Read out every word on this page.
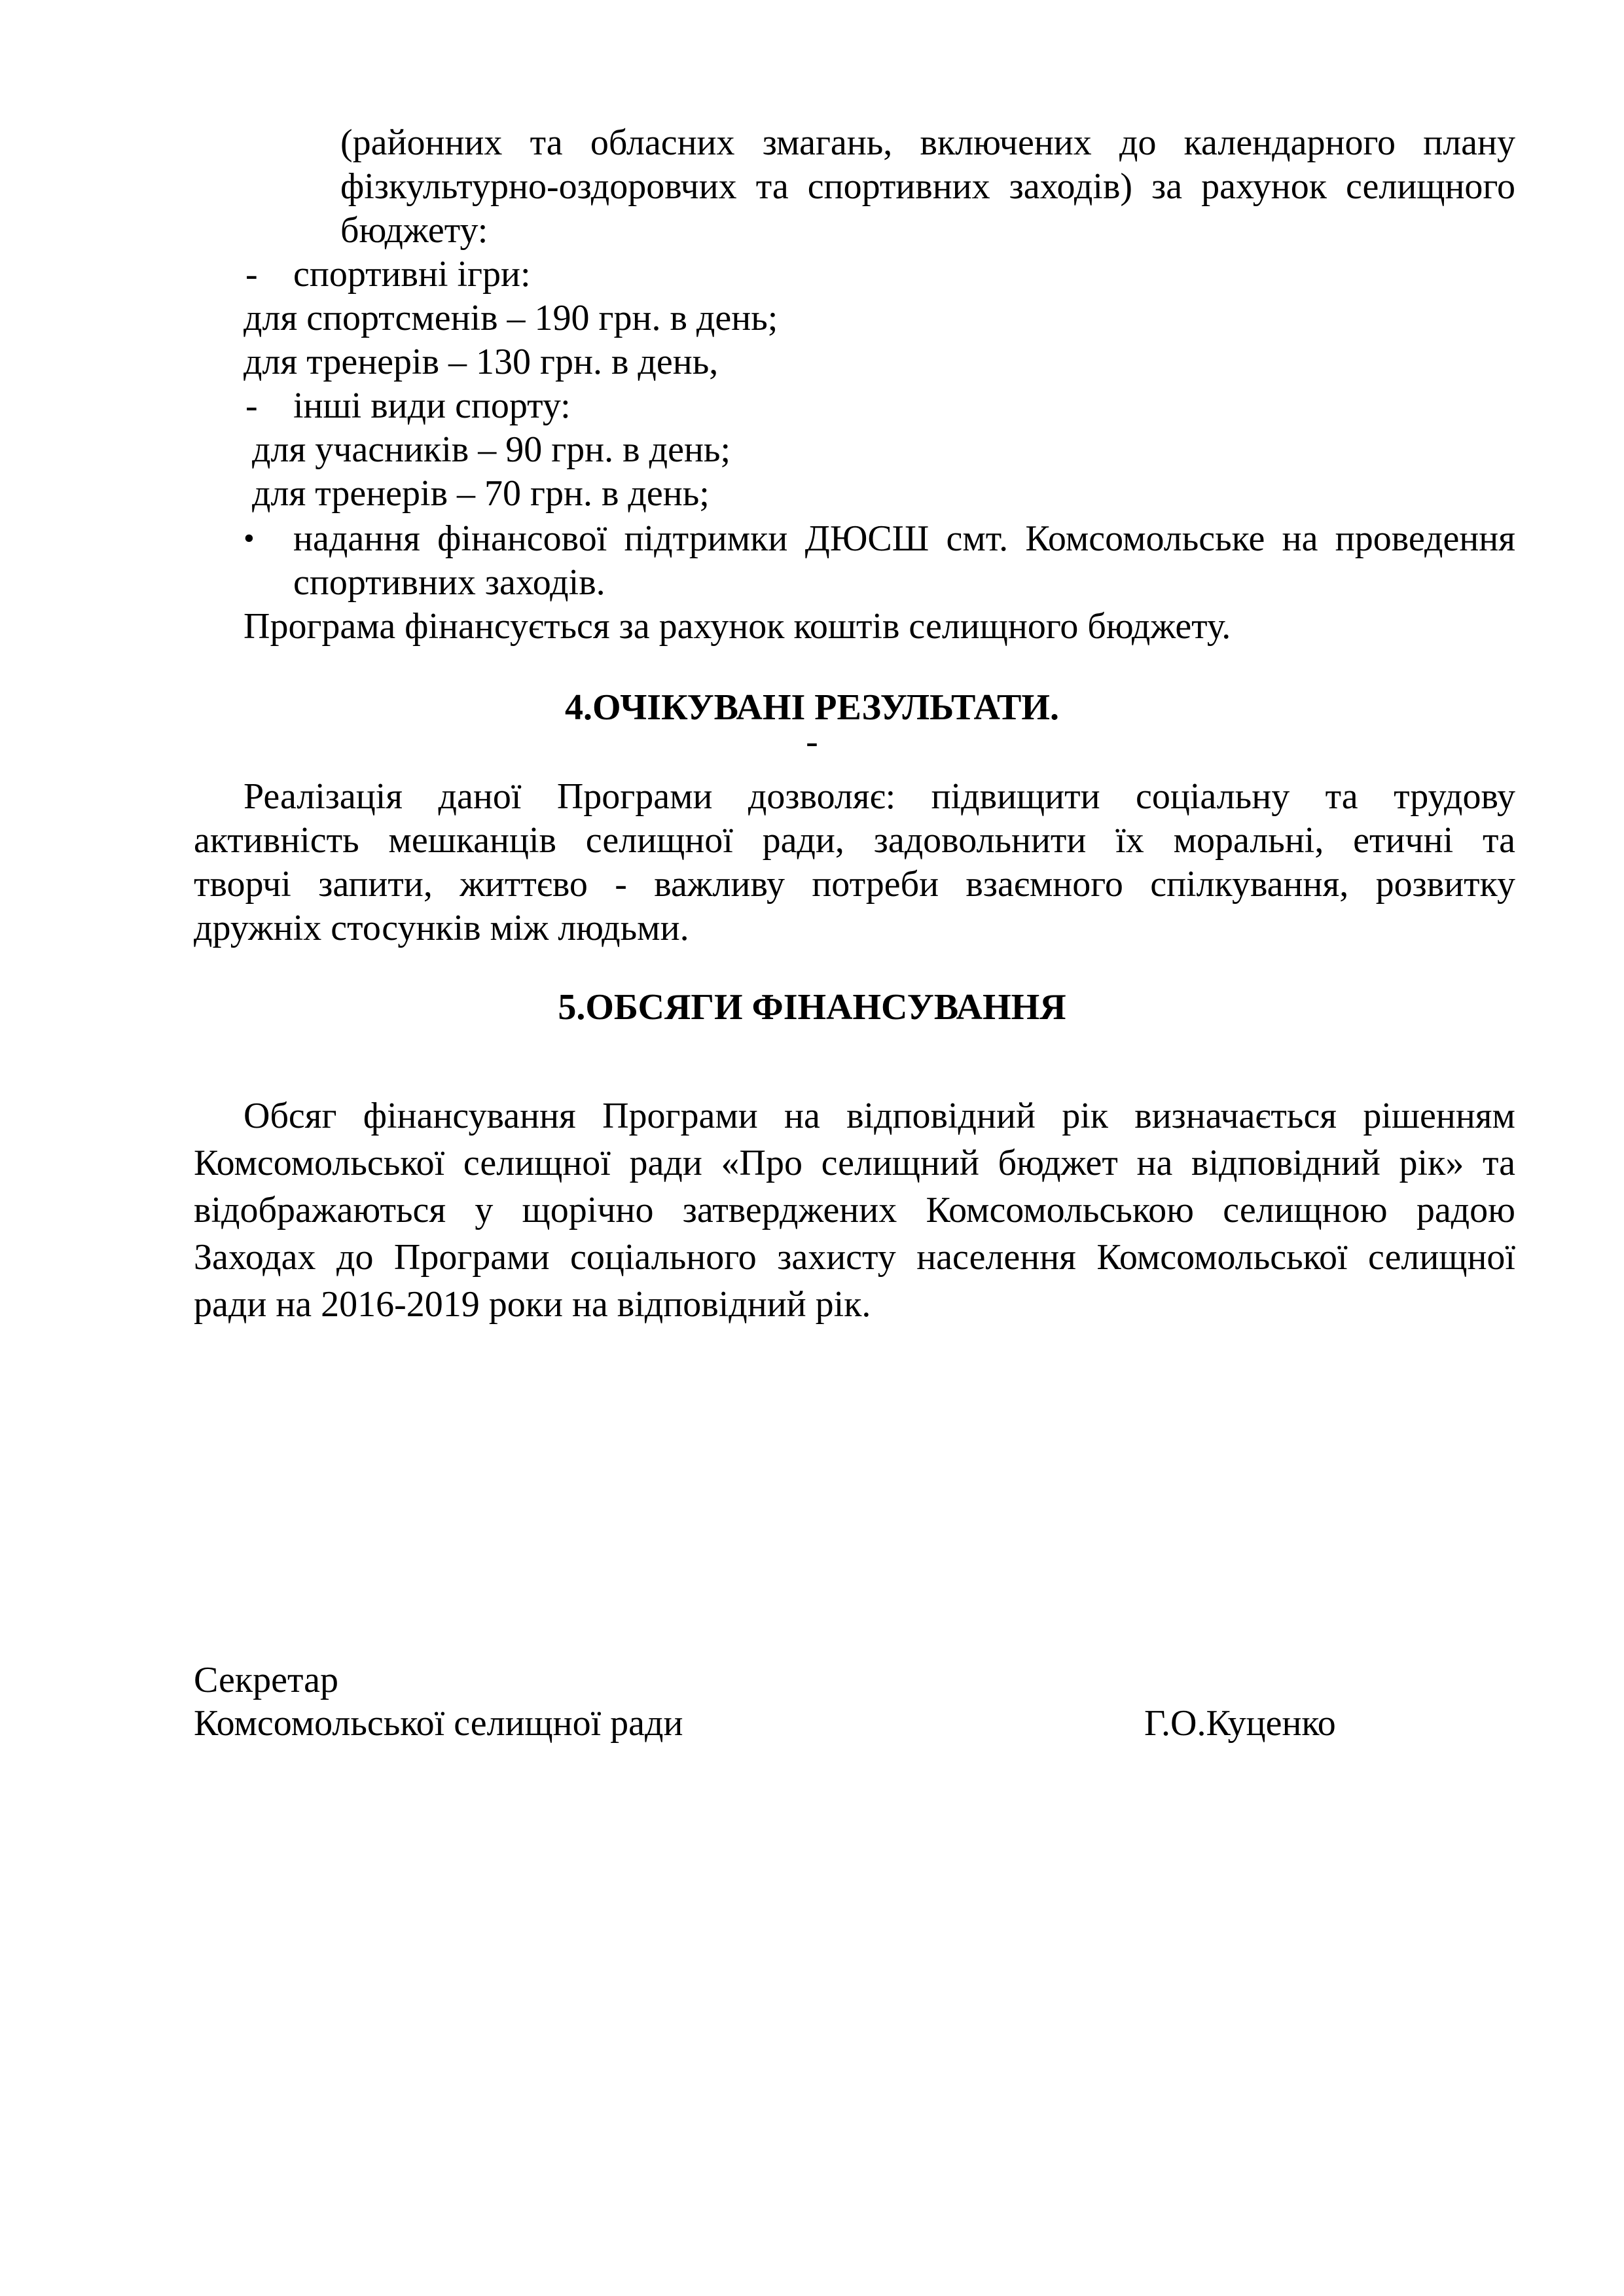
(районних та обласних змагань, включених до календарного плану
фізкультурно-оздоровчих та спортивних заходів) за рахунок селищного
бюджету:
- спортивні ігри:
для спортсменів – 190 грн. в день;
для тренерів – 130 грн. в день,
- інші види спорту:
для учасників – 90 грн. в день;
для тренерів – 70 грн. в день;
• надання фінансової підтримки ДЮСШ смт. Комсомольське на проведення
спортивних заходів.
Програма фінансується за рахунок коштів селищного бюджету.
4.ОЧІКУВАНІ РЕЗУЛЬТАТИ.
-
Реалізація даної Програми дозволяє: підвищити соціальну та трудову
активність мешканців селищної ради, задовольнити їх моральні, етичні та
творчі запити, життєво - важливу потреби взаємного спілкування, розвитку
дружніх стосунків між людьми.
5.ОБСЯГИ ФІНАНСУВАННЯ
Обсяг фінансування Програми на відповідний рік визначається рішенням
Комсомольської селищної ради «Про селищний бюджет на відповідний рік» та
відображаються у щорічно затверджених Комсомольською селищною радою
Заходах до Програми соціального захисту населення Комсомольської селищної
ради на 2016-2019 роки на відповідний рік.
Секретар
Комсомольської селищної ради	Г.О.Куценко
